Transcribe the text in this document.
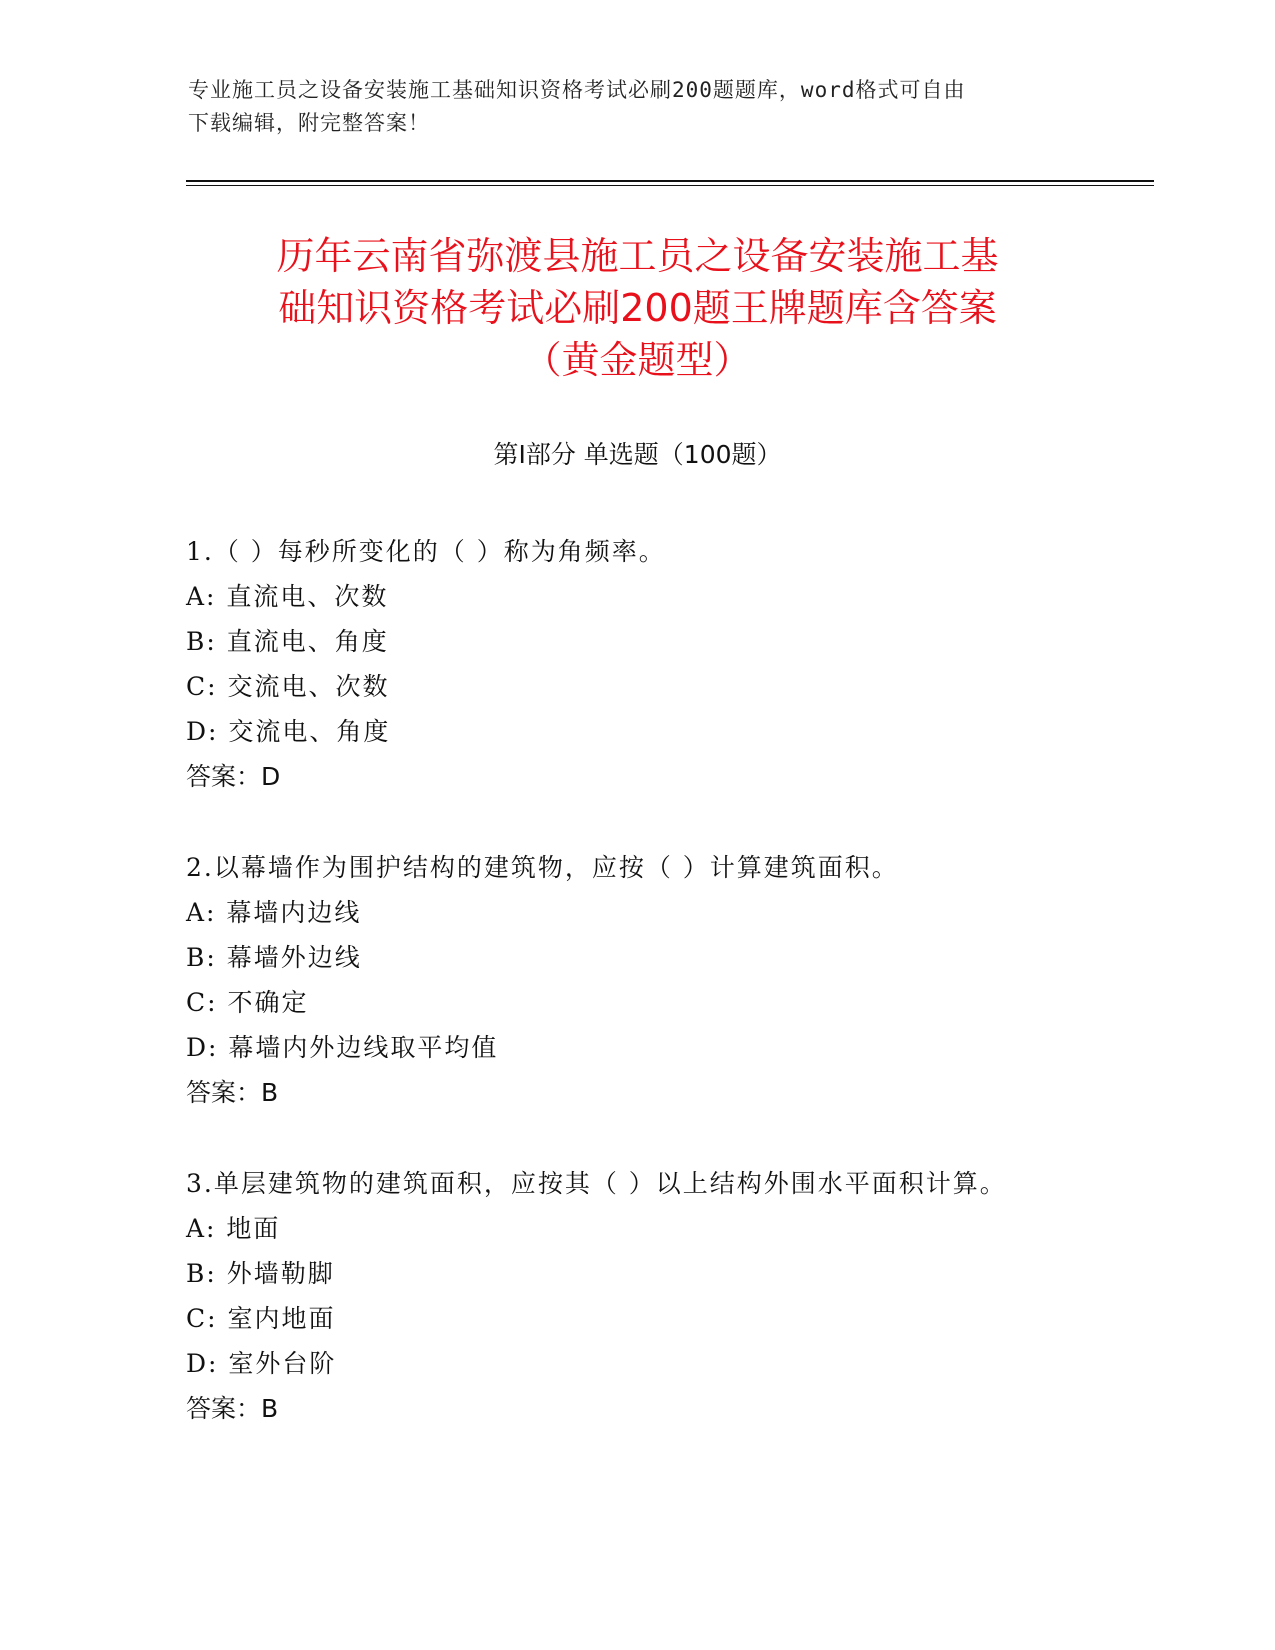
专业施工员之设备安装施工基础知识资格考试必刷200题题库，word格式可自由
下载编辑，附完整答案！
历年云南省弥渡县施工员之设备安装施工基
础知识资格考试必刷200题王牌题库含答案
（黄金题型）
第Ⅰ部分 单选题（100题）
1.（ ）每秒所变化的（ ）称为角频率。
A: 直流电、次数
B: 直流电、角度
C: 交流电、次数
D: 交流电、角度
答案：D
2.以幕墙作为围护结构的建筑物，应按（ ）计算建筑面积。
A: 幕墙内边线
B: 幕墙外边线
C: 不确定
D: 幕墙内外边线取平均值
答案：B
3.单层建筑物的建筑面积，应按其（ ）以上结构外围水平面积计算。
A: 地面
B: 外墙勒脚
C: 室内地面
D: 室外台阶
答案：B
